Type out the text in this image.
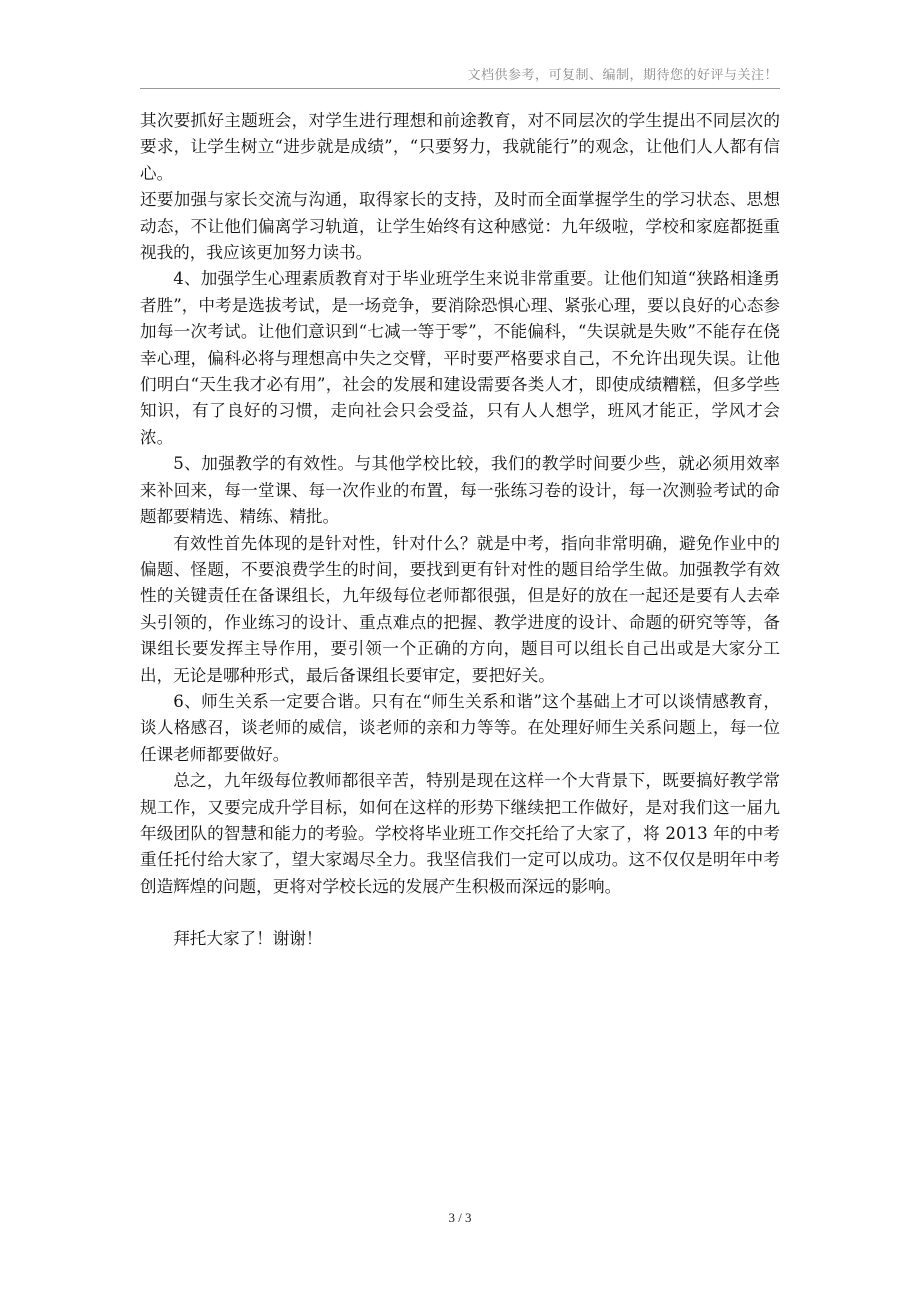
文档供参考，可复制、编制，期待您的好评与关注！

其次要抓好主题班会，对学生进行理想和前途教育，对不同层次的学生提出不同层次的要求，让学生树立“进步就是成绩”，“只要努力，我就能行”的观念，让他们人人都有信心。

还要加强与家长交流与沟通，取得家长的支持，及时而全面掌握学生的学习状态、思想动态，不让他们偏离学习轨道，让学生始终有这种感觉：九年级啦，学校和家庭都挺重视我的，我应该更加努力读书。

4、加强学生心理素质教育对于毕业班学生来说非常重要。让他们知道“狭路相逢勇者胜”，中考是选拔考试，是一场竞争，要消除恐惧心理、紧张心理，要以良好的心态参加每一次考试。让他们意识到“七减一等于零”，不能偏科，“失误就是失败”不能存在侥幸心理，偏科必将与理想高中失之交臂，平时要严格要求自己，不允许出现失误。让他们明白“天生我才必有用”，社会的发展和建设需要各类人才，即使成绩糟糕，但多学些知识，有了良好的习惯，走向社会只会受益，只有人人想学，班风才能正，学风才会浓。

5、加强教学的有效性。与其他学校比较，我们的教学时间要少些，就必须用效率来补回来，每一堂课、每一次作业的布置，每一张练习卷的设计，每一次测验考试的命题都要精选、精练、精批。

有效性首先体现的是针对性，针对什么？就是中考，指向非常明确，避免作业中的偏题、怪题，不要浪费学生的时间，要找到更有针对性的题目给学生做。加强教学有效性的关键责任在备课组长，九年级每位老师都很强，但是好的放在一起还是要有人去牵头引领的，作业练习的设计、重点难点的把握、教学进度的设计、命题的研究等等，备课组长要发挥主导作用，要引领一个正确的方向，题目可以组长自己出或是大家分工出，无论是哪种形式，最后备课组长要审定，要把好关。

6、师生关系一定要合谐。只有在“师生关系和谐”这个基础上才可以谈情感教育，谈人格感召，谈老师的威信，谈老师的亲和力等等。在处理好师生关系问题上，每一位任课老师都要做好。

总之，九年级每位教师都很辛苦，特别是现在这样一个大背景下，既要搞好教学常规工作，又要完成升学目标，如何在这样的形势下继续把工作做好，是对我们这一届九年级团队的智慧和能力的考验。学校将毕业班工作交托给了大家了，将 2013 年的中考重任托付给大家了，望大家竭尽全力。我坚信我们一定可以成功。这不仅仅是明年中考创造辉煌的问题，更将对学校长远的发展产生积极而深远的影响。

拜托大家了！谢谢！

3 / 3
